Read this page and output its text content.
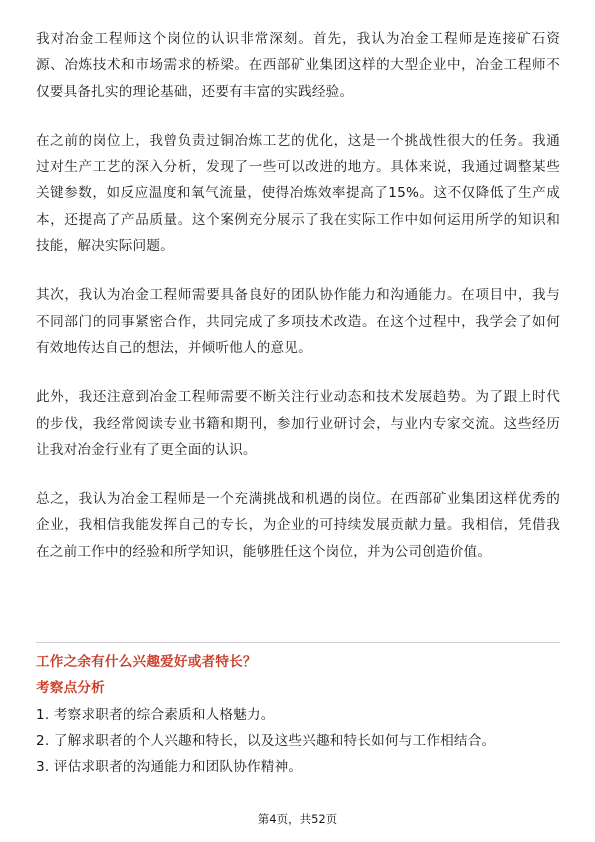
我对冶金工程师这个岗位的认识非常深刻。首先，我认为冶金工程师是连接矿石资源、冶炼技术和市场需求的桥梁。在西部矿业集团这样的大型企业中，冶金工程师不仅要具备扎实的理论基础，还要有丰富的实践经验。

在之前的岗位上，我曾负责过铜冶炼工艺的优化，这是一个挑战性很大的任务。我通过对生产工艺的深入分析，发现了一些可以改进的地方。具体来说，我通过调整某些关键参数，如反应温度和氧气流量，使得冶炼效率提高了15%。这不仅降低了生产成本，还提高了产品质量。这个案例充分展示了我在实际工作中如何运用所学的知识和技能，解决实际问题。

其次，我认为冶金工程师需要具备良好的团队协作能力和沟通能力。在项目中，我与不同部门的同事紧密合作，共同完成了多项技术改造。在这个过程中，我学会了如何有效地传达自己的想法，并倾听他人的意见。

此外，我还注意到冶金工程师需要不断关注行业动态和技术发展趋势。为了跟上时代的步伐，我经常阅读专业书籍和期刊，参加行业研讨会，与业内专家交流。这些经历让我对冶金行业有了更全面的认识。

总之，我认为冶金工程师是一个充满挑战和机遇的岗位。在西部矿业集团这样优秀的企业，我相信我能发挥自己的专长，为企业的可持续发展贡献力量。我相信，凭借我在之前工作中的经验和所学知识，能够胜任这个岗位，并为公司创造价值。

工作之余有什么兴趣爱好或者特长？
考察点分析
1. 考察求职者的综合素质和人格魅力。
2. 了解求职者的个人兴趣和特长，以及这些兴趣和特长如何与工作相结合。
3. 评估求职者的沟通能力和团队协作精神。
第4页，共52页
